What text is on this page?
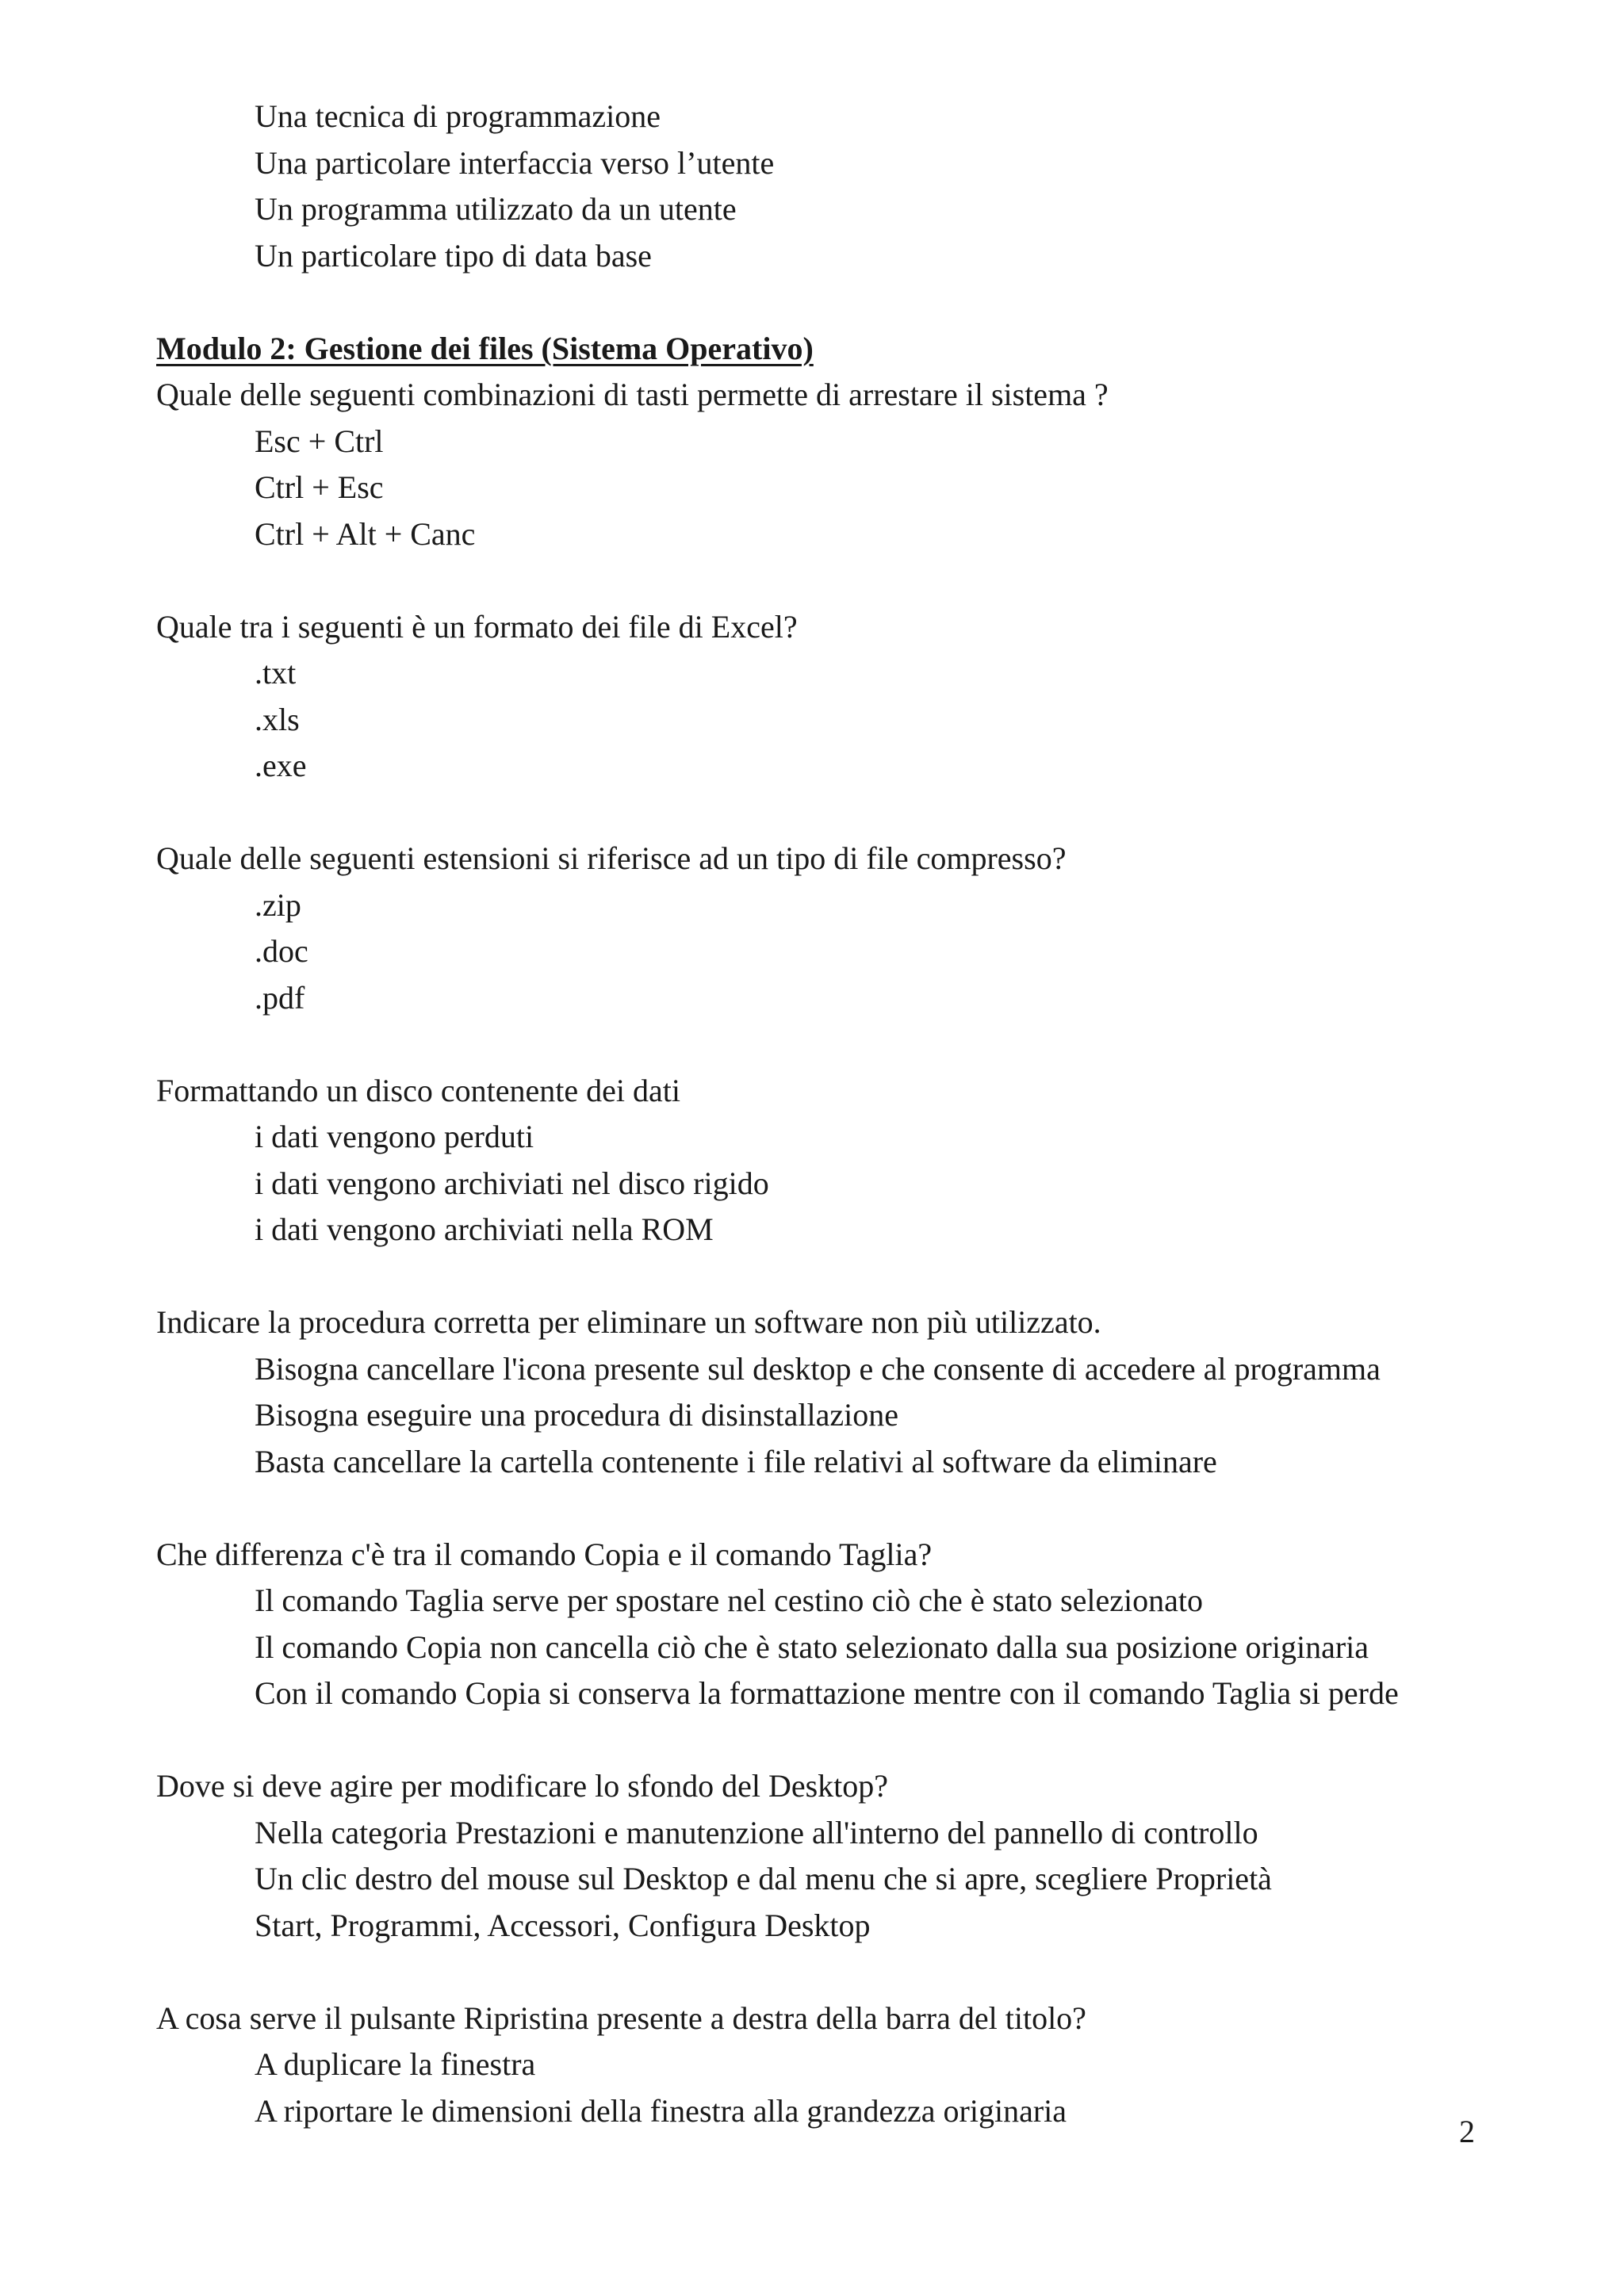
Una tecnica di programmazione
Una particolare interfaccia verso l’utente
Un programma utilizzato da un utente
Un particolare tipo di data base
Modulo 2: Gestione dei files (Sistema Operativo)
Quale delle seguenti combinazioni di tasti permette di arrestare il sistema ?
Esc + Ctrl
Ctrl + Esc
Ctrl + Alt + Canc
Quale tra i seguenti è un formato dei file di Excel?
.txt
.xls
.exe
Quale delle seguenti estensioni si riferisce ad un tipo di file compresso?
.zip
.doc
.pdf
Formattando un disco contenente dei dati
i dati vengono perduti
i dati vengono archiviati nel disco rigido
i dati vengono archiviati nella ROM
Indicare la procedura corretta per eliminare un software non più utilizzato.
Bisogna cancellare l'icona presente sul desktop e che consente di accedere al programma
Bisogna eseguire una procedura di disinstallazione
Basta cancellare la cartella contenente i file relativi al software da eliminare
Che differenza c'è tra il comando Copia e il comando Taglia?
Il comando Taglia serve per spostare nel cestino ciò che è stato selezionato
Il comando Copia non cancella ciò che è stato selezionato dalla sua posizione originaria
Con il comando Copia si conserva la formattazione mentre con il comando Taglia si perde
Dove si deve agire per modificare lo sfondo del Desktop?
Nella categoria Prestazioni e manutenzione all'interno del pannello di controllo
Un clic destro del mouse sul Desktop e dal menu che si apre, scegliere Proprietà
Start, Programmi, Accessori, Configura Desktop
A cosa serve il pulsante Ripristina presente a destra della barra del titolo?
A duplicare la finestra
A riportare le dimensioni della finestra alla grandezza originaria
2
